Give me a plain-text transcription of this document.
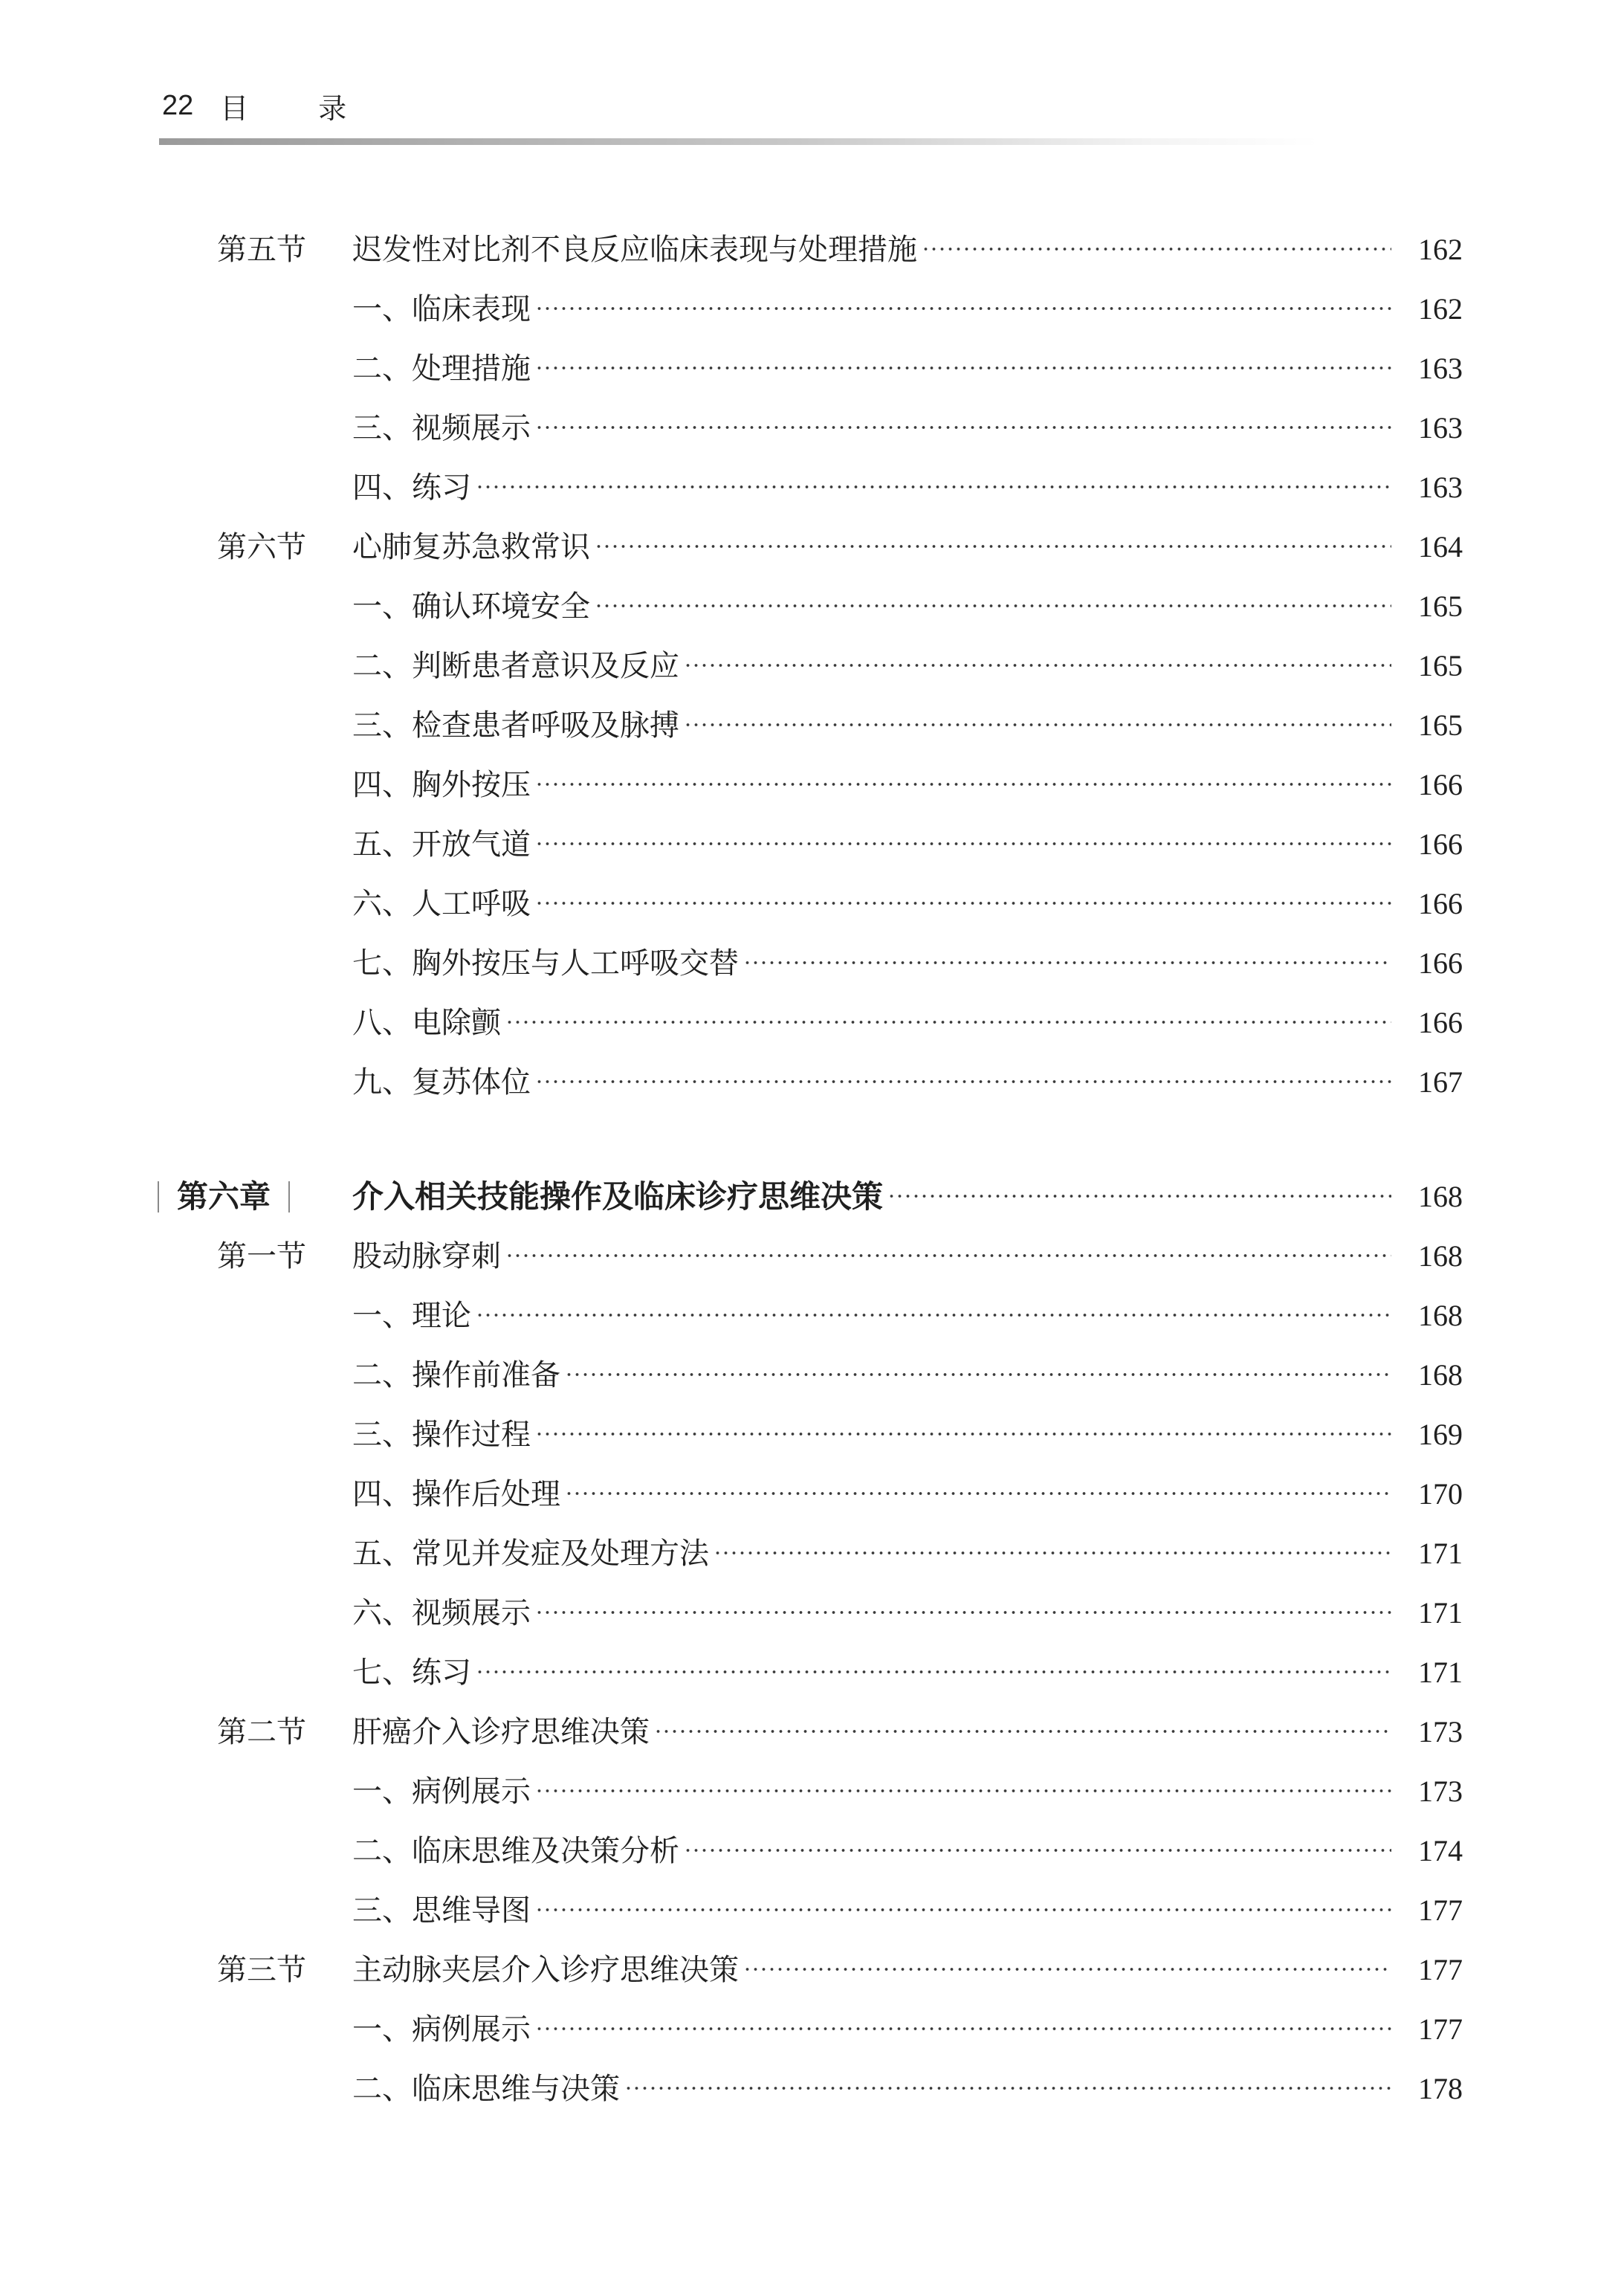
22 目录
第五节 迟发性对比剂不良反应临床表现与处理措施	162
一、临床表现	162
二、处理措施	163
三、视频展示	163
四、练习	163
第六节 心肺复苏急救常识	164
一、确认环境安全	165
二、判断患者意识及反应	165
三、检查患者呼吸及脉搏	165
四、胸外按压	166
五、开放气道	166
六、人工呼吸	166
七、胸外按压与人工呼吸交替	166
八、电除颤	166
九、复苏体位	167
第六章	介入相关技能操作及临床诊疗思维决策	168
第一节 股动脉穿刺	168
一、理论	168
二、操作前准备	168
三、操作过程	169
四、操作后处理	170
五、常见并发症及处理方法	171
六、视频展示	171
七、练习	171
第二节 肝癌介入诊疗思维决策	173
一、病例展示	173
二、临床思维及决策分析	174
三、思维导图	177
第三节 主动脉夹层介入诊疗思维决策	177
一、病例展示	177
二、临床思维与决策	178
